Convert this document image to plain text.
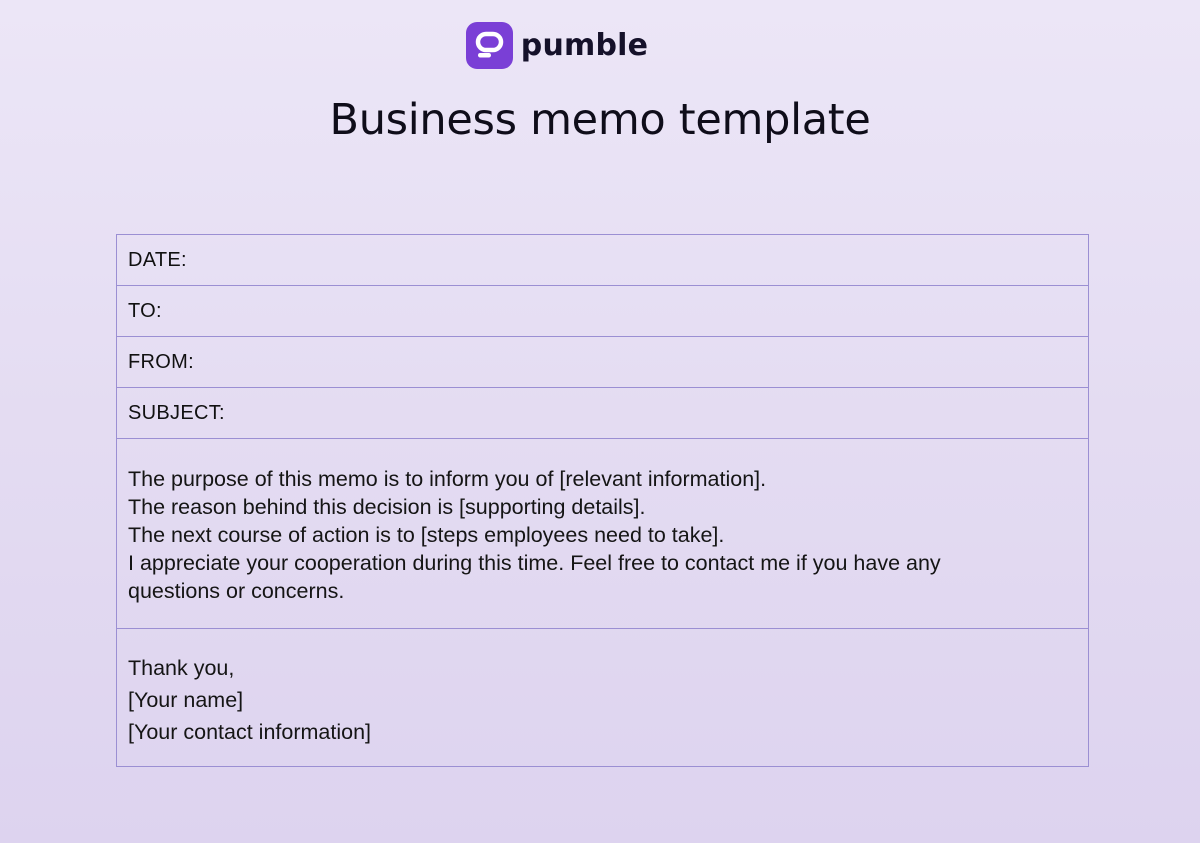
pumble
Business memo template
DATE:
TO:
FROM:
SUBJECT:

The purpose of this memo is to inform you of [relevant information].

The reason behind this decision is [supporting details].

The next course of action is to [steps employees need to take].

I appreciate your cooperation during this time. Feel free to contact me if you have any

questions or concerns.

Thank you,

[Your name]

[Your contact information]
